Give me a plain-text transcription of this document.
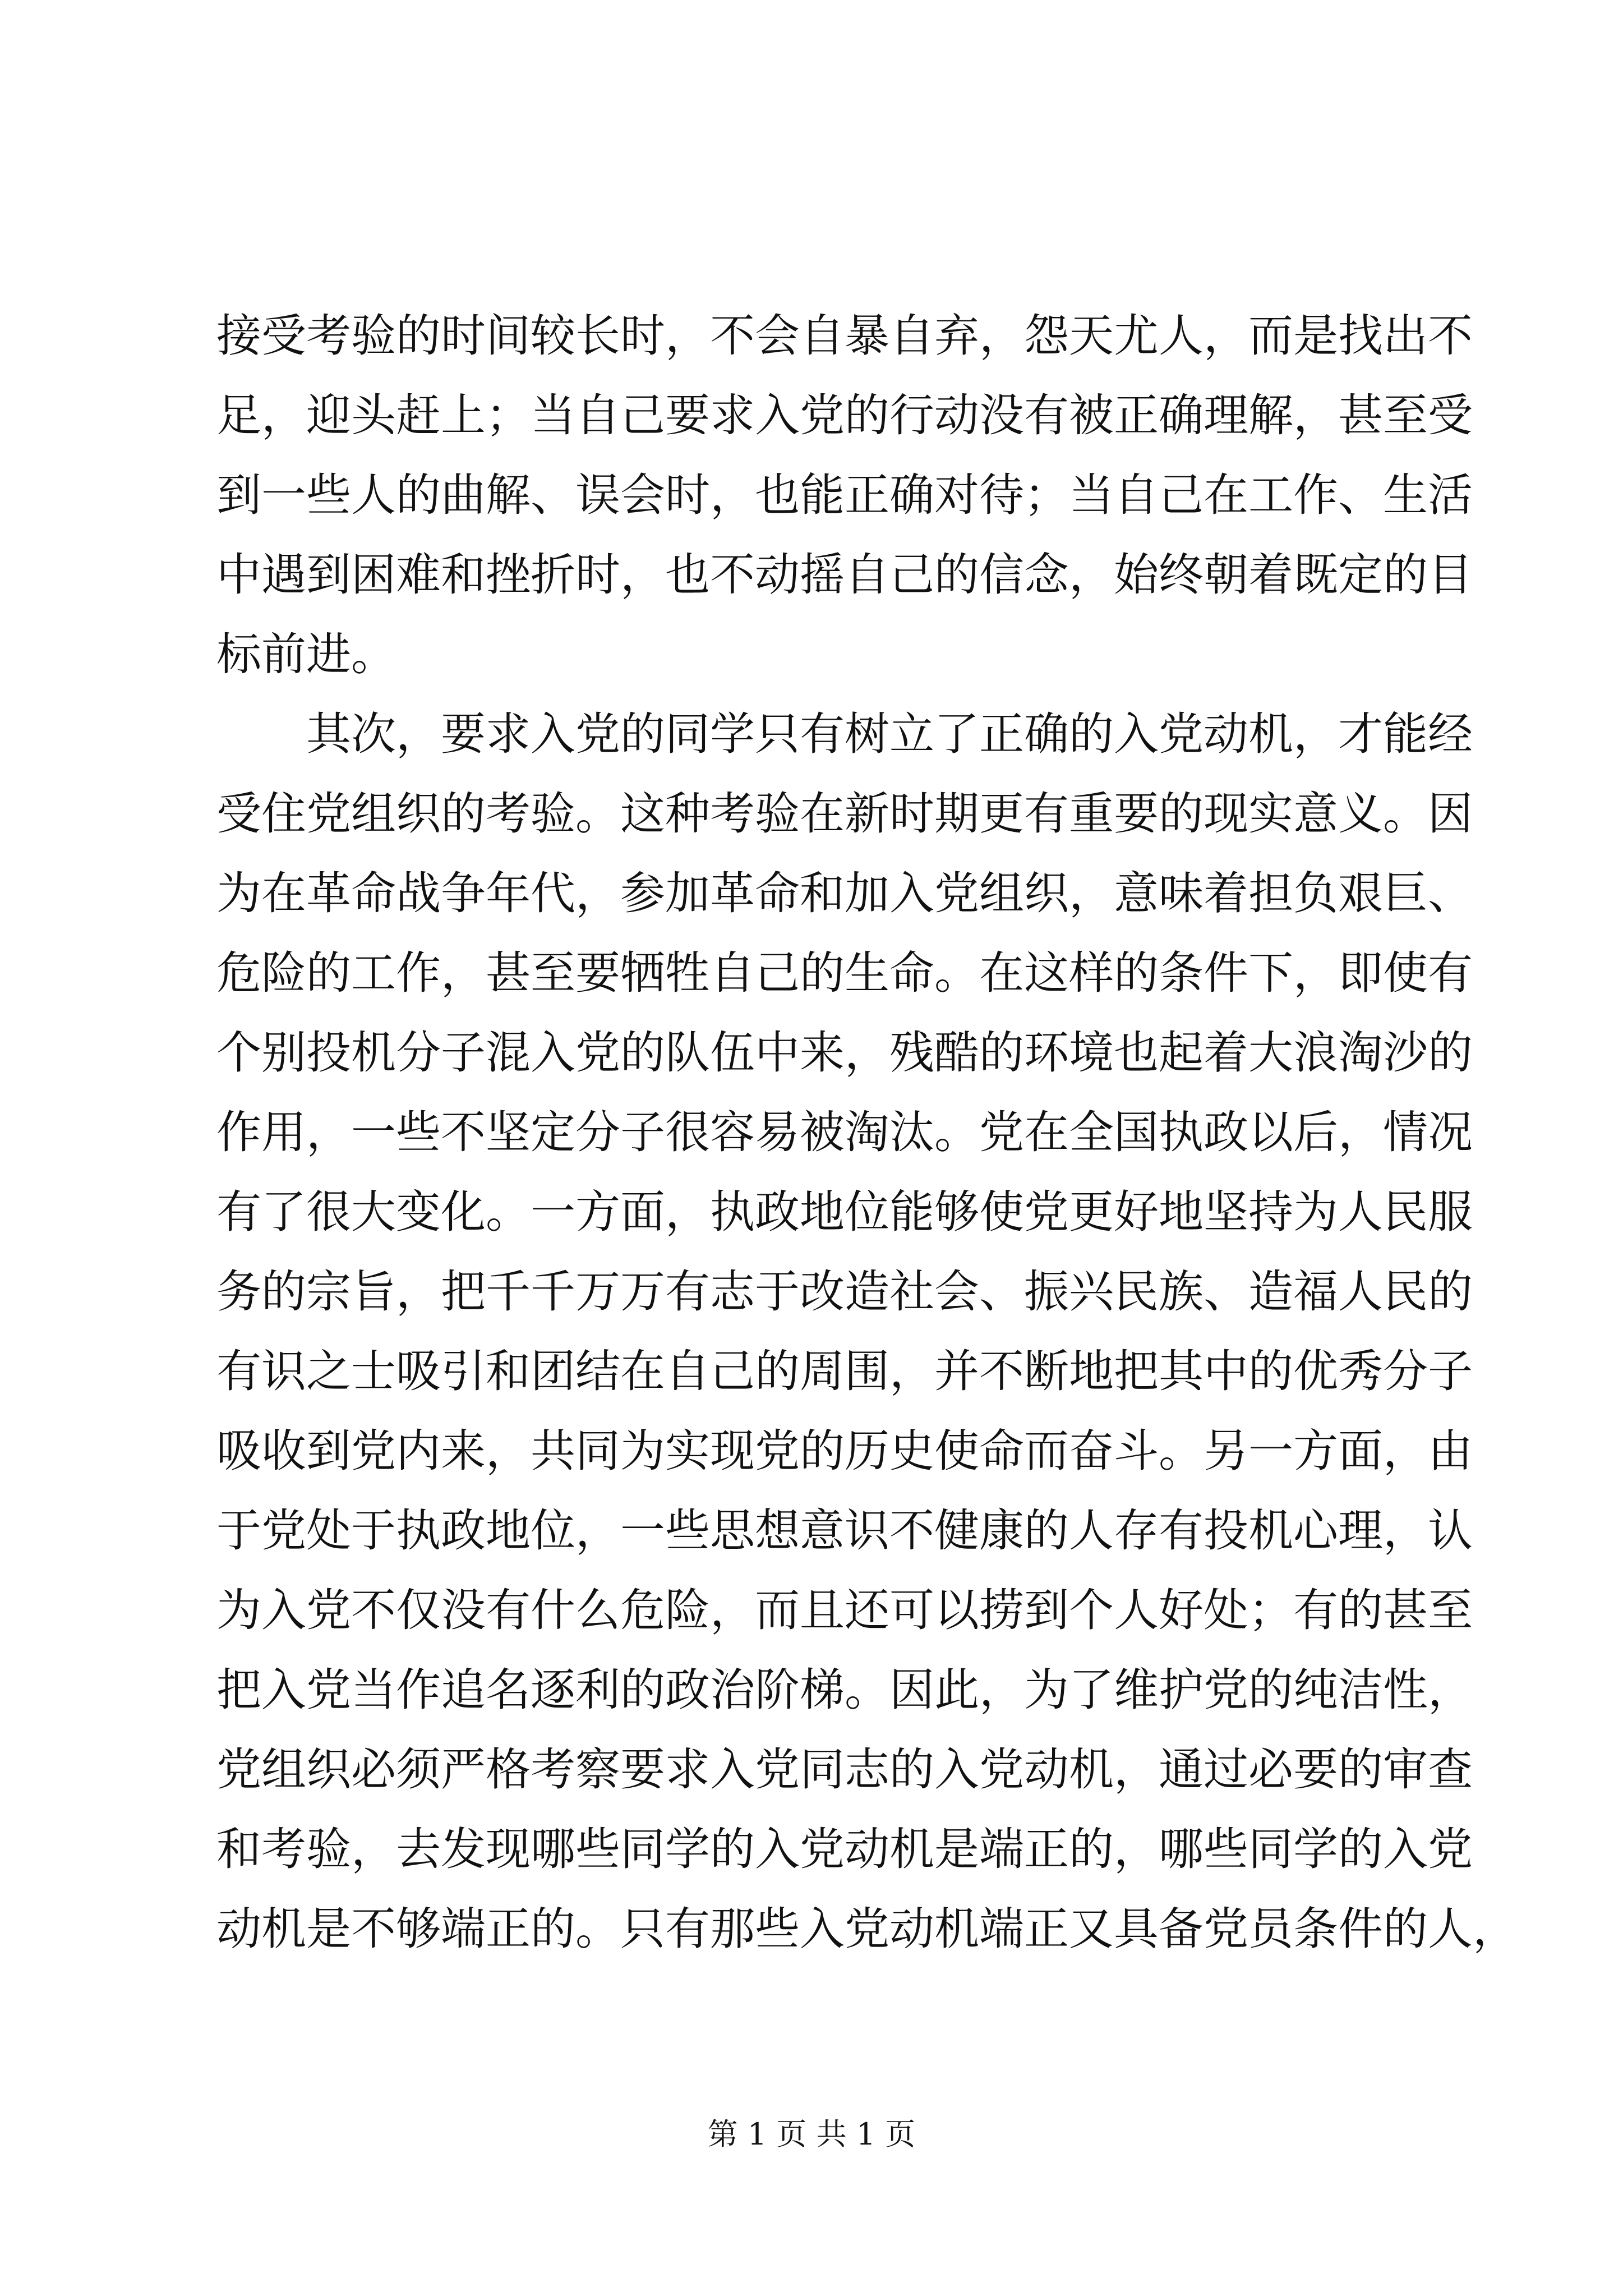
接受考验的时间较长时，不会自暴自弃，怨天尤人，而是找出不
足，迎头赶上；当自己要求入党的行动没有被正确理解，甚至受
到一些人的曲解、误会时，也能正确对待；当自己在工作、生活
中遇到困难和挫折时，也不动摇自己的信念，始终朝着既定的目
标前进。
其次，要求入党的同学只有树立了正确的入党动机，才能经
受住党组织的考验。这种考验在新时期更有重要的现实意义。因
为在革命战争年代，参加革命和加入党组织，意味着担负艰巨、
危险的工作，甚至要牺牲自己的生命。在这样的条件下，即使有
个别投机分子混入党的队伍中来，残酷的环境也起着大浪淘沙的
作用，一些不坚定分子很容易被淘汰。党在全国执政以后，情况
有了很大变化。一方面，执政地位能够使党更好地坚持为人民服
务的宗旨，把千千万万有志于改造社会、振兴民族、造福人民的
有识之士吸引和团结在自己的周围，并不断地把其中的优秀分子
吸收到党内来，共同为实现党的历史使命而奋斗。另一方面，由
于党处于执政地位，一些思想意识不健康的人存有投机心理，认
为入党不仅没有什么危险，而且还可以捞到个人好处；有的甚至
把入党当作追名逐利的政治阶梯。因此，为了维护党的纯洁性，
党组织必须严格考察要求入党同志的入党动机，通过必要的审查
和考验，去发现哪些同学的入党动机是端正的，哪些同学的入党
动机是不够端正的。只有那些入党动机端正又具备党员条件的人，
第 1 页 共 1 页
